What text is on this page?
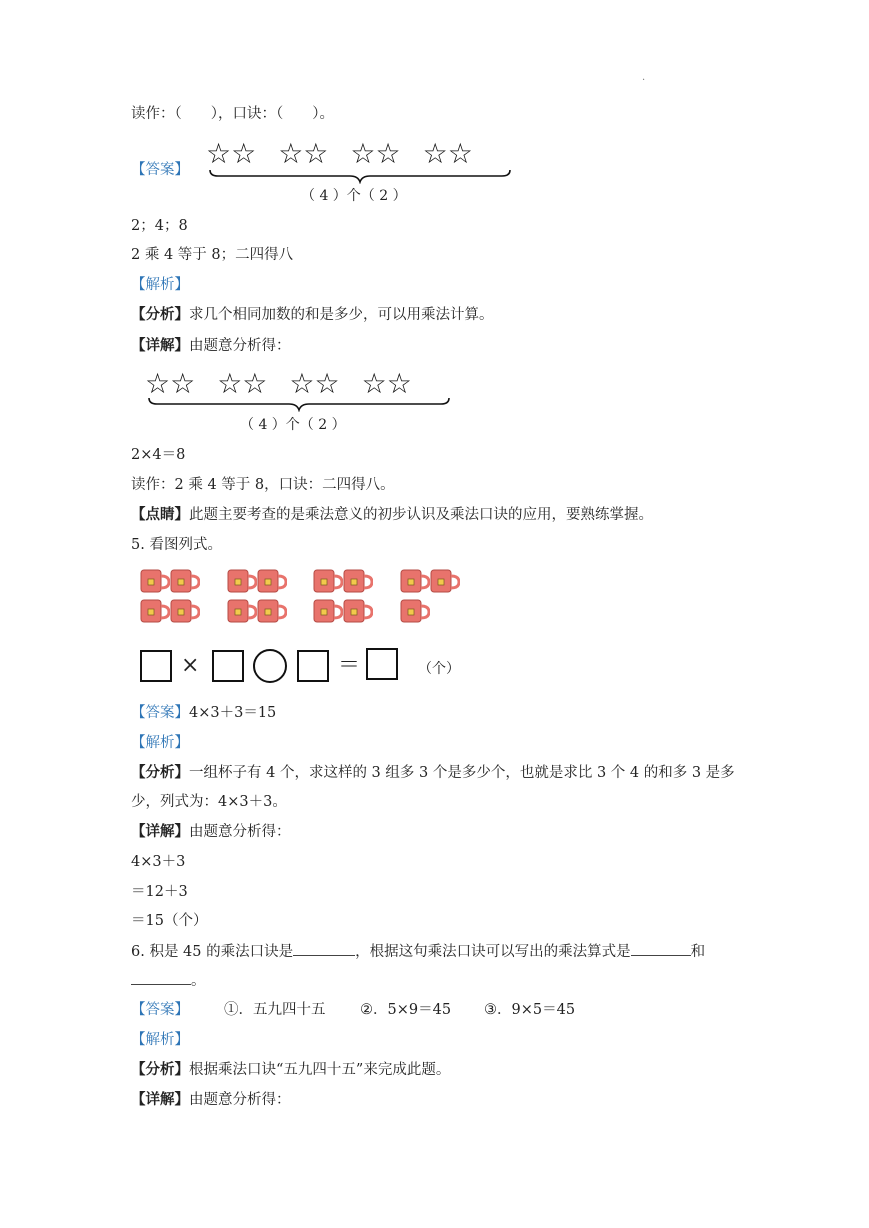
.
读作：（　　），口诀：（　　）。
【答案】 ☆☆ ☆☆ ☆☆ ☆☆
（ 4 ）个（ 2 ）
2；4；8
2 乘 4 等于 8；二四得八
【解析】
【分析】求几个相同加数的和是多少，可以用乘法计算。
【详解】由题意分析得：
☆☆ ☆☆ ☆☆ ☆☆
（ 4 ）个（ 2 ）
2×4＝8
读作：2 乘 4 等于 8，口诀：二四得八。
【点睛】此题主要考查的是乘法意义的初步认识及乘法口诀的应用，要熟练掌握。
5. 看图列式。
×	＝	（个）
【答案】4×3＋3＝15
【解析】
【分析】一组杯子有 4 个，求这样的 3 组多 3 个是多少个，也就是求比 3 个 4 的和多 3 是多
少，列式为：4×3＋3。
【详解】由题意分析得：
4×3＋3
＝12＋3
＝15（个）
6. 积是 45 的乘法口诀是	，根据这句乘法口诀可以写出的乘法算式是	和
。
【答案】 ①．五九四十五 ②．5×9＝45 ③．9×5＝45
【解析】
【分析】根据乘法口诀“五九四十五”来完成此题。
【详解】由题意分析得：
